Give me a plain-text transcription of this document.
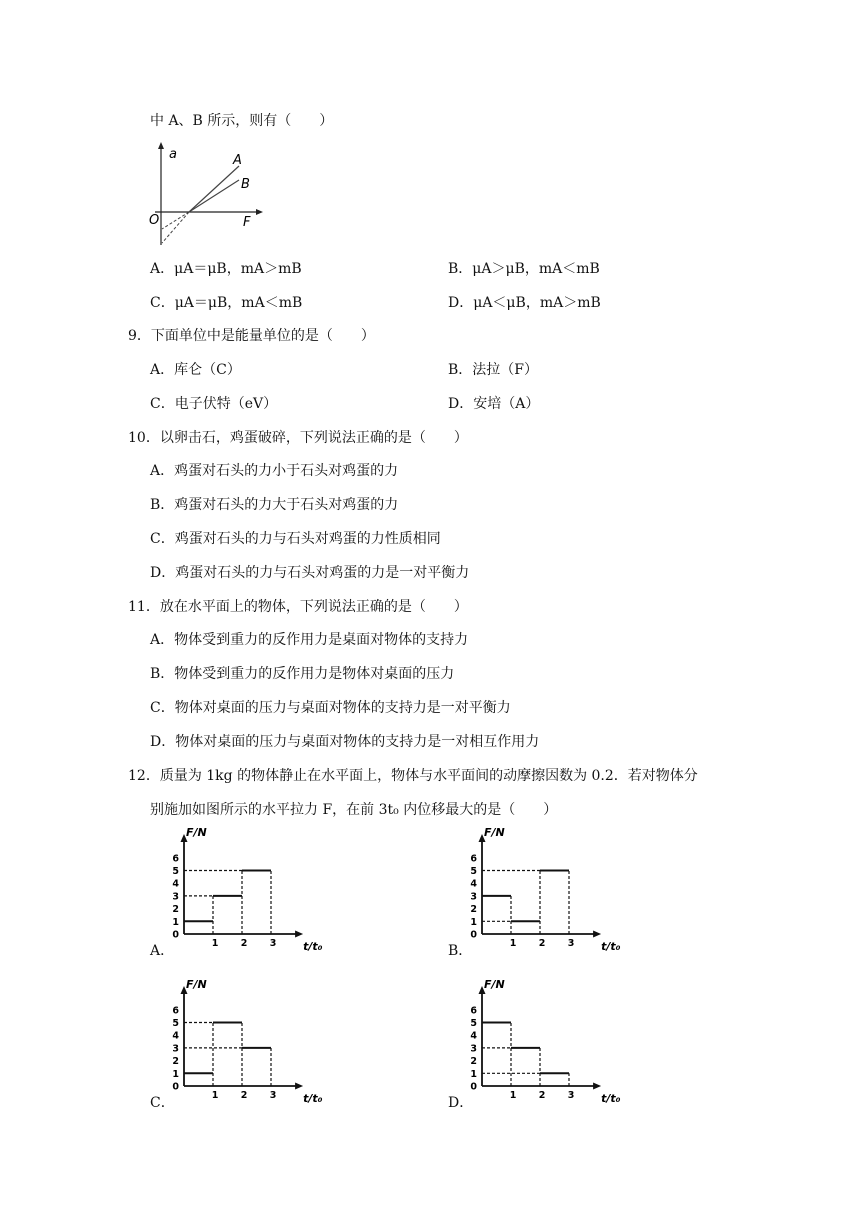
中 A、B 所示，则有（　　）
a
F
O
A
B
A．μA＝μB，mA＞mB	B．μA＞μB，mA＜mB
C．μA＝μB，mA＜mB	D．μA＜μB，mA＞mB
9．下面单位中是能量单位的是（　　）
A．库仑（C）	B．法拉（F）
C．电子伏特（eV）	D．安培（A）
10．以卵击石，鸡蛋破碎，下列说法正确的是（　　）
A．鸡蛋对石头的力小于石头对鸡蛋的力
B．鸡蛋对石头的力大于石头对鸡蛋的力
C．鸡蛋对石头的力与石头对鸡蛋的力性质相同
D．鸡蛋对石头的力与石头对鸡蛋的力是一对平衡力
11．放在水平面上的物体，下列说法正确的是（　　）
A．物体受到重力的反作用力是桌面对物体的支持力
B．物体受到重力的反作用力是物体对桌面的压力
C．物体对桌面的压力与桌面对物体的支持力是一对平衡力
D．物体对桌面的压力与桌面对物体的支持力是一对相互作用力
12．质量为 1kg 的物体静止在水平面上，物体与水平面间的动摩擦因数为 0.2．若对物体分
别施加如图所示的水平拉力 F，在前 3t₀ 内位移最大的是（　　）
A．	B．
C．	D．
F/N
t/t₀
0
1
2
3
4
5
6
1 2 3
F/N
t/t₀
0
1
2
3
4
5
6
1 2 3
F/N
t/t₀
0
1
2
3
4
5
6
1 2 3
F/N
t/t₀
0
1
2
3
4
5
6
1 2 3
